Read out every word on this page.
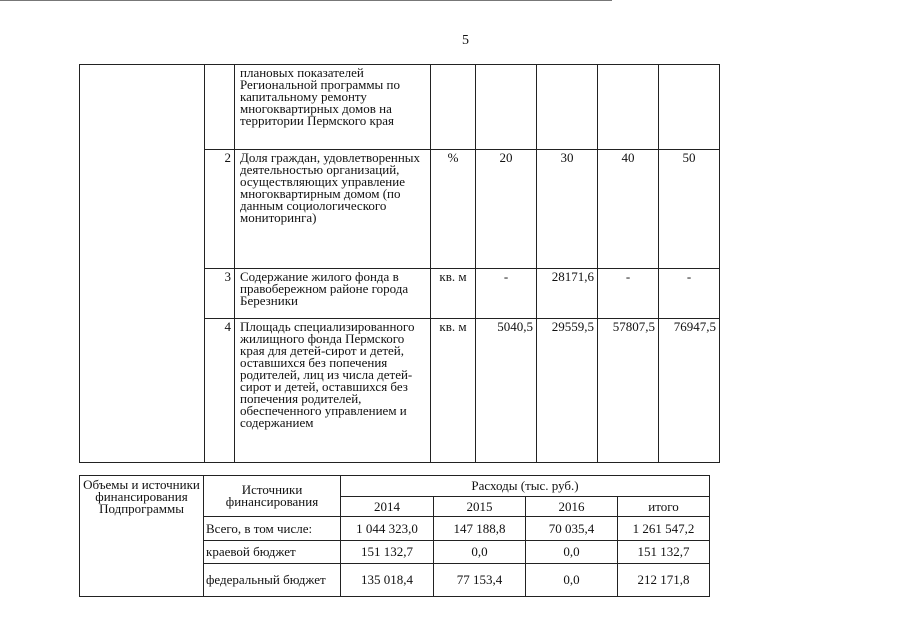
5
		плановых показателей Региональной программы по капитальному ремонту многоквартирных домов на территории Пермского края					
	2	Доля граждан, удовлетворенных деятельностью организаций, осуществляющих управление многоквартирным домом (по данным социологического мониторинга)	%	20	30	40	50
	3	Содержание жилого фонда в правобережном районе города Березники	кв. м	-	28171,6	-	-
	4	Площадь специализированного жилищного фонда Пермского края для детей-сирот и детей, оставшихся без попечения родителей, лиц из числа детей-сирот и детей, оставшихся без попечения родителей, обеспеченного управлением и содержанием	кв. м	5040,5	29559,5	57807,5	76947,5
Объемы и источники финансирования Подпрограммы	Источники финансирования	Расходы (тыс. руб.)			
		2014	2015	2016	итого
	Всего, в том числе:	1 044 323,0	147 188,8	70 035,4	1 261 547,2
	краевой бюджет	151 132,7	0,0	0,0	151 132,7
	федеральный бюджет	135 018,4	77 153,4	0,0	212 171,8
